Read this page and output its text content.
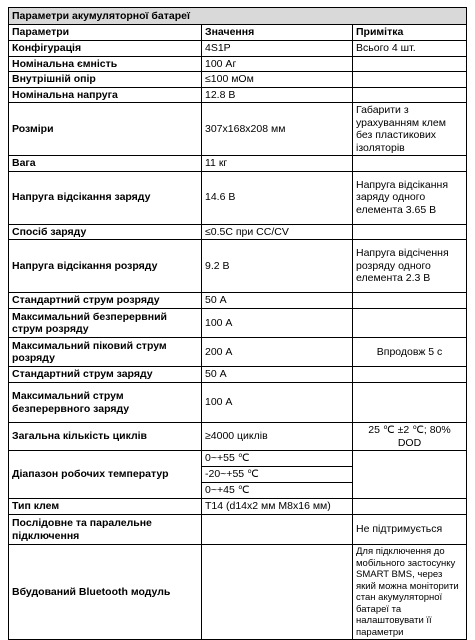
Параметри акумуляторної батареї		
Параметри	Значення	Примітка
Конфігурація	4S1P	Всього 4 шт.
Номінальна ємність	100 Аг	
Внутрішній опір	≤100 мОм	
Номінальна напруга	12.8 В	
Розміри	307x168x208 мм	Габарити з урахуванням клем без пластикових ізоляторів
Вага	11 кг	
Напруга відсікання заряду	14.6 В	Напруга відсікання заряду одного елемента 3.65 В
Спосіб заряду	≤0.5C при CC/CV	
Напруга відсікання розряду	9.2 В	Напруга відсічення розряду одного елемента 2.3 В
Стандартний струм розряду	50 А	
Максимальний безперервний струм розряду	100 А	
Максимальний піковий струм розряду	200 А	Впродовж 5 с
Стандартний струм заряду	50 А	
Максимальний струм безперервного заряду	100 А	
Загальна кількість циклів	≥4000 циклів	25 ℃ ±2 ℃; 80% DOD
Діапазон робочих температур	0~+55 ℃	
	-20~+55 ℃	
	0~+45 ℃	
Тип клем	T14 (d14x2 мм M8x16 мм)	
Послідовне та паралельне підключення		Не підтримується
Вбудований Bluetooth модуль		Для підключення до мобільного застосунку SMART BMS, через який можна моніторити стан акумуляторної батареї та налаштовувати її параметри
